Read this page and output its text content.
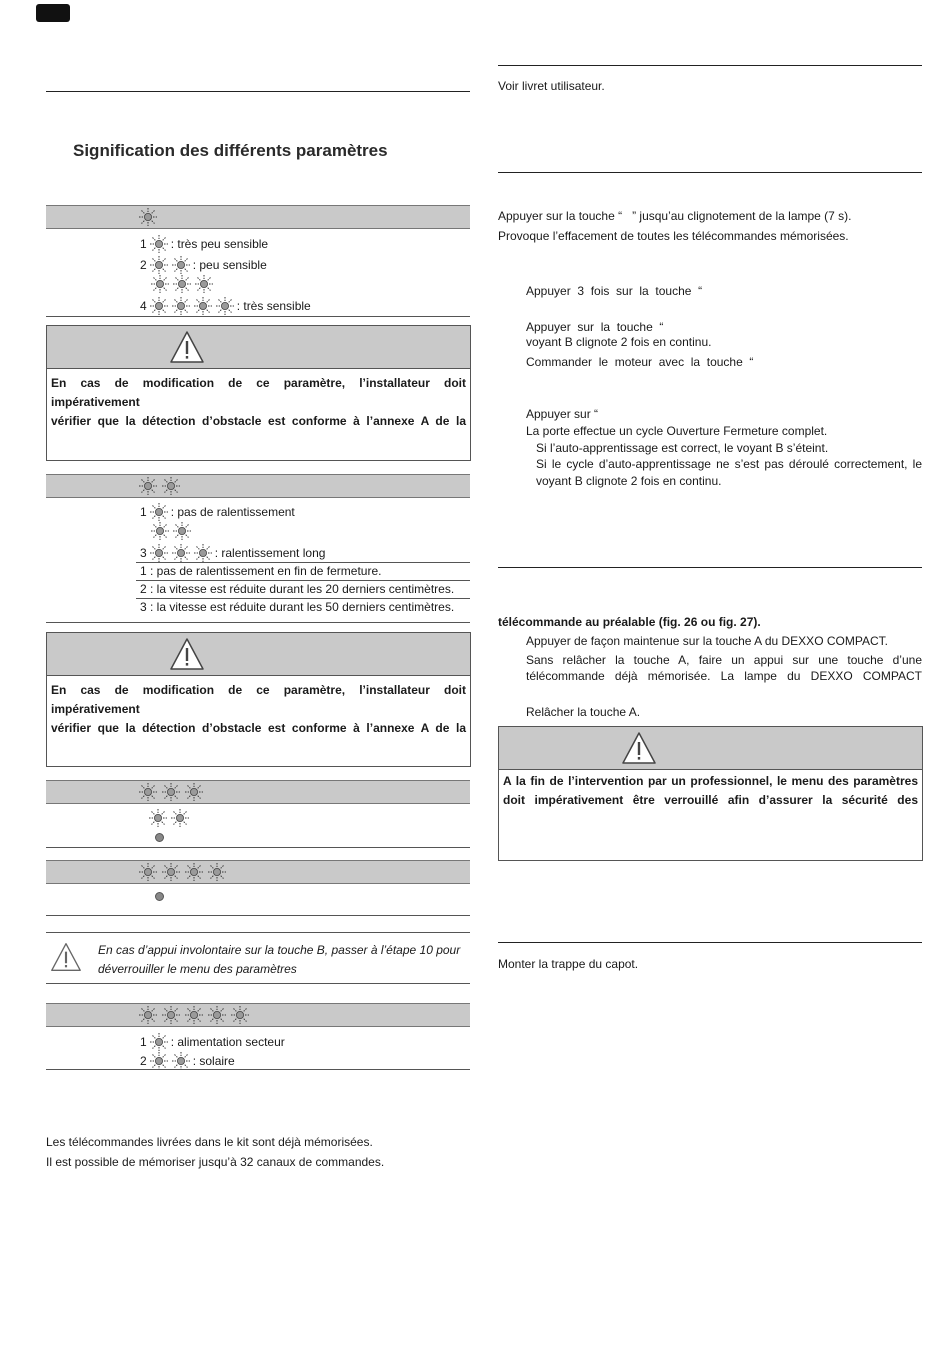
Signification des différents paramètres
1 : très peu sensible
2	: peu sensible
4	: très sensible
En cas de modification de ce paramètre, l’installateur doit impérativement
vérifier que la détection d’obstacle est conforme à l’annexe A de la
1 : pas de ralentissement
3	: ralentissement long
1 : pas de ralentissement en fin de fermeture.
2 : la vitesse est réduite durant les 20 derniers centimètres.
3 : la vitesse est réduite durant les 50 derniers centimètres.
En cas de modification de ce paramètre, l’installateur doit impérativement
vérifier que la détection d’obstacle est conforme à l’annexe A de la
En cas d’appui involontaire sur la touche B, passer à l’étape 10 pour
déverrouiller le menu des paramètres
1 : alimentation secteur
2	: solaire
Les télécommandes livrées dans le kit sont déjà mémorisées.
Il est possible de mémoriser jusqu’à 32 canaux de commandes.
Voir livret utilisateur.
Appuyer sur la touche “   ” jusqu’au clignotement de la lampe (7 s).
Provoque l’effacement de toutes les télécommandes mémorisées.
Appuyer  3  fois  sur  la  touche  “
Appuyer  sur  la  touche  “
voyant B clignote 2 fois en continu.
Commander  le  moteur  avec  la  touche  “
Appuyer sur “
La porte effectue un cycle Ouverture Fermeture complet.
Si l’auto-apprentissage est correct, le voyant B s’éteint.
Si le cycle d’auto-apprentissage ne s’est pas déroulé correctement, le
voyant B clignote 2 fois en continu.
télécommande au préalable (fig. 26 ou fig. 27).
Appuyer de façon maintenue sur la touche A du DEXXO COMPACT.
Sans  relâcher  la  touche  A,  faire  un  appui  sur  une  touche  d’une
télécommande  déjà  mémorisée.  La  lampe  du  DEXXO  COMPACT
Relâcher la touche A.
A la fin de l’intervention par un professionnel, le menu des paramètres
doit impérativement être verrouillé afin d’assurer la sécurité des
Monter la trappe du capot.
